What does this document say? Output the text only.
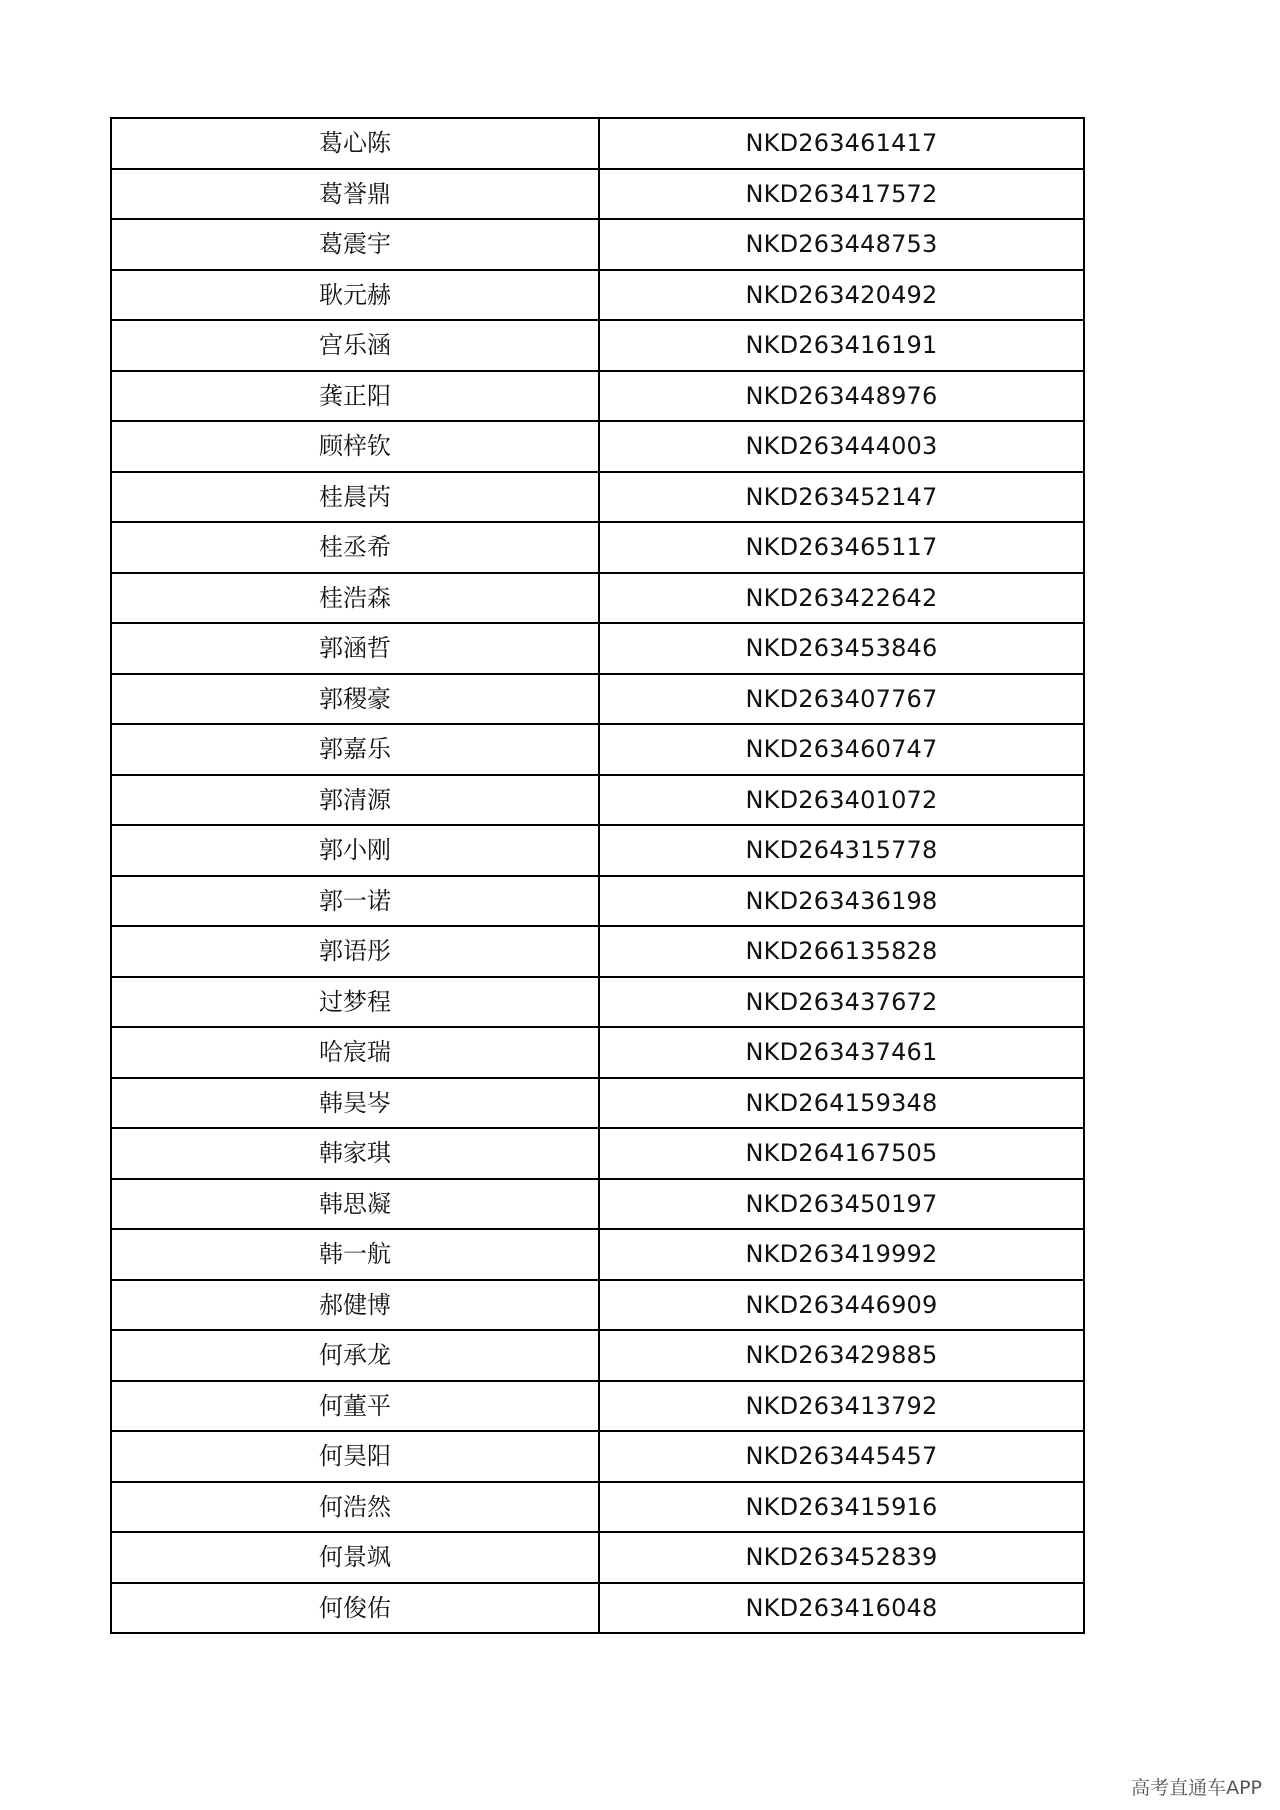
葛心陈	NKD263461417
葛誉鼎	NKD263417572
葛震宇	NKD263448753
耿元赫	NKD263420492
宫乐涵	NKD263416191
龚正阳	NKD263448976
顾梓钦	NKD263444003
桂晨芮	NKD263452147
桂丞希	NKD263465117
桂浩森	NKD263422642
郭涵哲	NKD263453846
郭稷豪	NKD263407767
郭嘉乐	NKD263460747
郭清源	NKD263401072
郭小刚	NKD264315778
郭一诺	NKD263436198
郭语彤	NKD266135828
过梦程	NKD263437672
哈宸瑞	NKD263437461
韩昊岑	NKD264159348
韩家琪	NKD264167505
韩思凝	NKD263450197
韩一航	NKD263419992
郝健博	NKD263446909
何承龙	NKD263429885
何董平	NKD263413792
何昊阳	NKD263445457
何浩然	NKD263415916
何景飒	NKD263452839
何俊佑	NKD263416048
高考直通车APP
